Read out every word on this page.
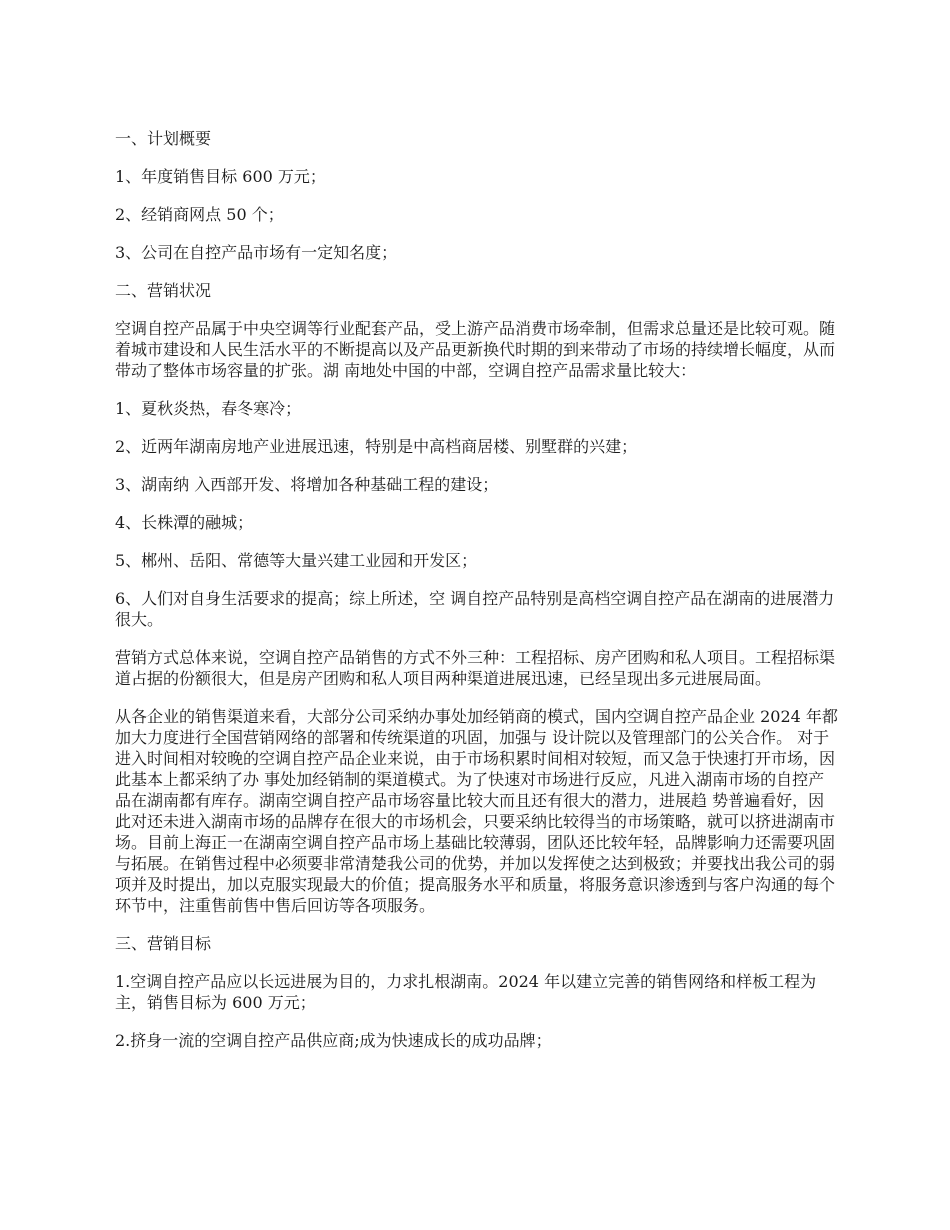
一、计划概要

1、年度销售目标 600 万元；

2、经销商网点 50 个；

3、公司在自控产品市场有一定知名度；

二、营销状况

空调自控产品属于中央空调等行业配套产品，受上游产品消费市场牵制，但需求总量还是比较可观。随着城市建设和人民生活水平的不断提高以及产品更新换代时期的到来带动了市场的持续增长幅度，从而带动了整体市场容量的扩张。湖 南地处中国的中部，空调自控产品需求量比较大：

1、夏秋炎热，春冬寒冷；

2、近两年湖南房地产业进展迅速，特别是中高档商居楼、别墅群的兴建；

3、湖南纳 入西部开发、将增加各种基础工程的建设；

4、长株潭的融城；

5、郴州、岳阳、常德等大量兴建工业园和开发区；

6、人们对自身生活要求的提高；综上所述，空 调自控产品特别是高档空调自控产品在湖南的进展潜力很大。

营销方式总体来说，空调自控产品销售的方式不外三种：工程招标、房产团购和私人项目。工程招标渠道占据的份额很大，但是房产团购和私人项目两种渠道进展迅速，已经呈现出多元进展局面。

从各企业的销售渠道来看，大部分公司采纳办事处加经销商的模式，国内空调自控产品企业 2024 年都加大力度进行全国营销网络的部署和传统渠道的巩固，加强与 设计院以及管理部门的公关合作。 对于进入时间相对较晚的空调自控产品企业来说，由于市场积累时间相对较短，而又急于快速打开市场，因此基本上都采纳了办 事处加经销制的渠道模式。为了快速对市场进行反应，凡进入湖南市场的自控产品在湖南都有库存。湖南空调自控产品市场容量比较大而且还有很大的潜力，进展趋 势普遍看好，因此对还未进入湖南市场的品牌存在很大的市场机会，只要采纳比较得当的市场策略，就可以挤进湖南市场。目前上海正一在湖南空调自控产品市场上基础比较薄弱，团队还比较年轻，品牌影响力还需要巩固与拓展。在销售过程中必须要非常清楚我公司的优势，并加以发挥使之达到极致；并要找出我公司的弱项并及时提出，加以克服实现最大的价值；提高服务水平和质量，将服务意识渗透到与客户沟通的每个环节中，注重售前售中售后回访等各项服务。

三、营销目标

1.空调自控产品应以长远进展为目的，力求扎根湖南。2024 年以建立完善的销售网络和样板工程为主，销售目标为 600 万元；

2.挤身一流的空调自控产品供应商;成为快速成长的成功品牌；
